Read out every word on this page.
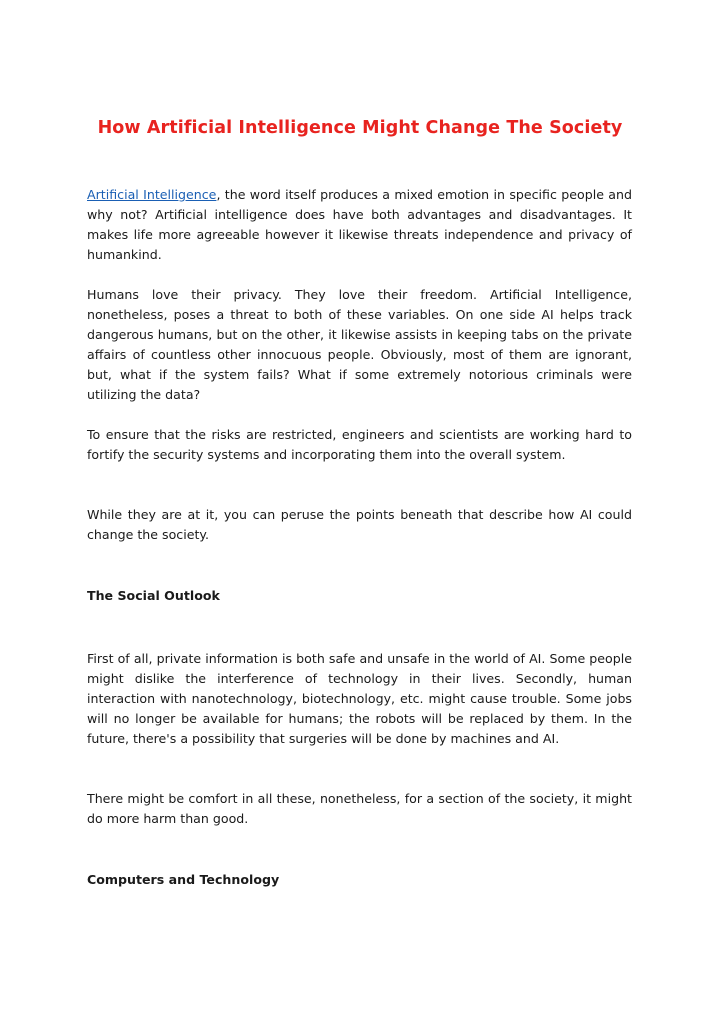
How Artificial Intelligence Might Change The Society

Artificial Intelligence, the word itself produces a mixed emotion in specific people and why not? Artificial intelligence does have both advantages and disadvantages. It makes life more agreeable however it likewise threats independence and privacy of humankind.

Humans love their privacy. They love their freedom. Artificial Intelligence, nonetheless, poses a threat to both of these variables. On one side AI helps track dangerous humans, but on the other, it likewise assists in keeping tabs on the private affairs of countless other innocuous people. Obviously, most of them are ignorant, but, what if the system fails? What if some extremely notorious criminals were utilizing the data?

To ensure that the risks are restricted, engineers and scientists are working hard to fortify the security systems and incorporating them into the overall system.

While they are at it, you can peruse the points beneath that describe how AI could change the society.

The Social Outlook

First of all, private information is both safe and unsafe in the world of AI. Some people might dislike the interference of technology in their lives. Secondly, human interaction with nanotechnology, biotechnology, etc. might cause trouble. Some jobs will no longer be available for humans; the robots will be replaced by them. In the future, there's a possibility that surgeries will be done by machines and AI.

There might be comfort in all these, nonetheless, for a section of the society, it might do more harm than good.

Computers and Technology
